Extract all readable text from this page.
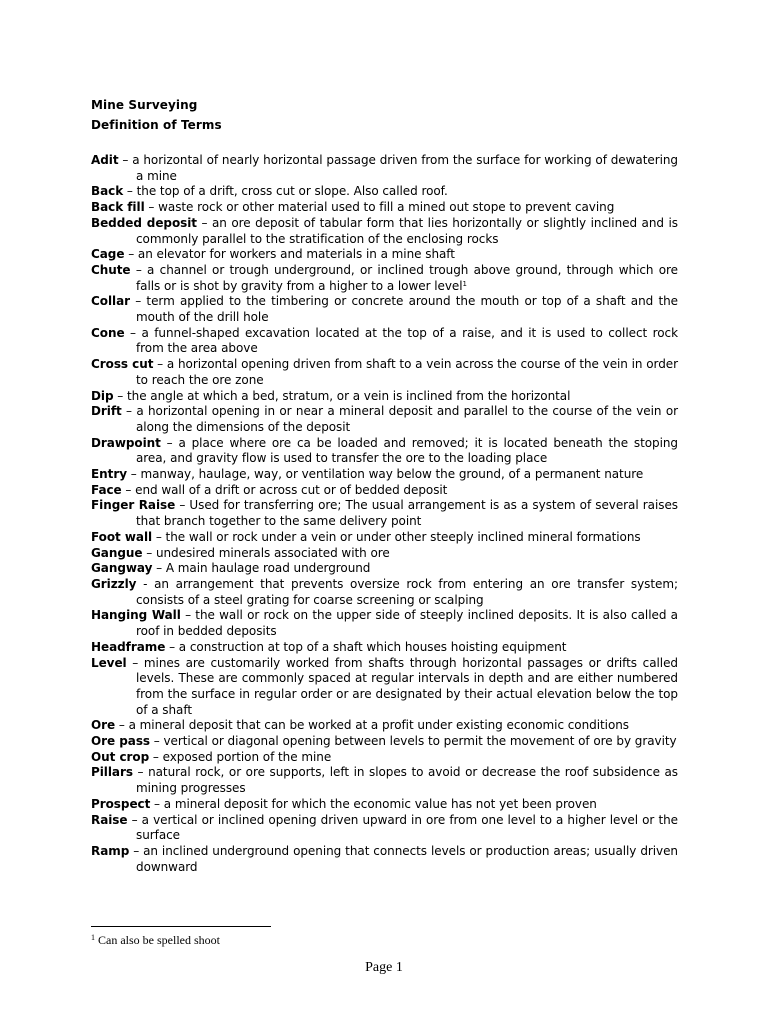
Mine Surveying
Definition of Terms
Adit – a horizontal of nearly horizontal passage driven from the surface for working of dewatering a mine
Back – the top of a drift, cross cut or slope. Also called roof.
Back fill – waste rock or other material used to fill a mined out stope to prevent caving
Bedded deposit – an ore deposit of tabular form that lies horizontally or slightly inclined and is commonly parallel to the stratification of the enclosing rocks
Cage – an elevator for workers and materials in a mine shaft
Chute – a channel or trough underground, or inclined trough above ground, through which ore falls or is shot by gravity from a higher to a lower level$^1$
Collar – term applied to the timbering or concrete around the mouth or top of a shaft and the mouth of the drill hole
Cone – a funnel-shaped excavation located at the top of a raise, and it is used to collect rock from the area above
Cross cut – a horizontal opening driven from shaft to a vein across the course of the vein in order to reach the ore zone
Dip – the angle at which a bed, stratum, or a vein is inclined from the horizontal
Drift – a horizontal opening in or near a mineral deposit and parallel to the course of the vein or along the dimensions of the deposit
Drawpoint – a place where ore ca be loaded and removed; it is located beneath the stoping area, and gravity flow is used to transfer the ore to the loading place
Entry – manway, haulage, way, or ventilation way below the ground, of a permanent nature
Face – end wall of a drift or across cut or of bedded deposit
Finger Raise – Used for transferring ore; The usual arrangement is as a system of several raises that branch together to the same delivery point
Foot wall – the wall or rock under a vein or under other steeply inclined mineral formations
Gangue – undesired minerals associated with ore
Gangway – A main haulage road underground
Grizzly - an arrangement that prevents oversize rock from entering an ore transfer system; consists of a steel grating for coarse screening or scalping
Hanging Wall – the wall or rock on the upper side of steeply inclined deposits. It is also called a roof in bedded deposits
Headframe – a construction at top of a shaft which houses hoisting equipment
Level – mines are customarily worked from shafts through horizontal passages or drifts called levels. These are commonly spaced at regular intervals in depth and are either numbered from the surface in regular order or are designated by their actual elevation below the top of a shaft
Ore – a mineral deposit that can be worked at a profit under existing economic conditions
Ore pass – vertical or diagonal opening between levels to permit the movement of ore by gravity
Out crop – exposed portion of the mine
Pillars – natural rock, or ore supports, left in slopes to avoid or decrease the roof subsidence as mining progresses
Prospect – a mineral deposit for which the economic value has not yet been proven
Raise – a vertical or inclined opening driven upward in ore from one level to a higher level or the surface
Ramp – an inclined underground opening that connects levels or production areas; usually driven downward
$^1$ Can also be spelled shoot
Page 1
